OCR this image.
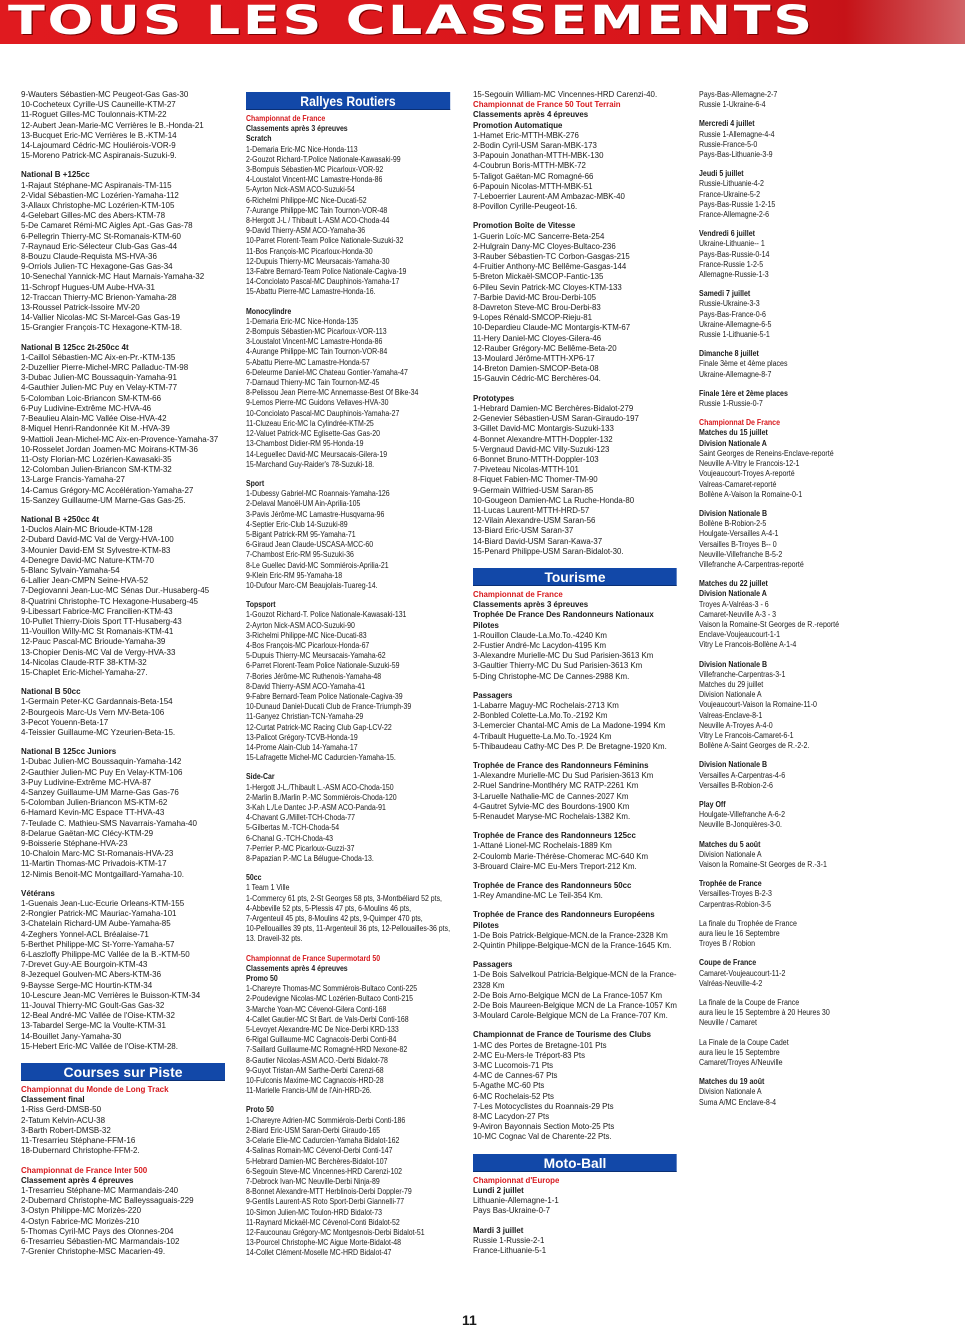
TOUS LES CLASSEMENTS
9-Wauters Sébastien-MC Peugeot-Gas Gas-30
10-Cocheteux Cyrille-US Cauneille-KTM-27
11-Roguet Gilles-MC Toulonnais-KTM-22
12-Aubert Jean-Marie-MC Verrières le B.-Honda-21
13-Bucquet Eric-MC Verrières le B.-KTM-14
14-Lajoumard Cédric-MC Houliérois-VOR-9
15-Moreno Patrick-MC Aspiranais-Suzuki-9.
National B +125cc
1-Rajaut Stéphane-MC Aspiranais-TM-115
2-Vidal Sébastien-MC Lozérien-Yamaha-112
3-Allaux Christophe-MC Lozérien-KTM-105
4-Gelebart Gilles-MC des Abers-KTM-78
5-De Camaret Rémi-MC Aigles Apt.-Gas Gas-78
6-Pellegrin Thierry-MC St-Romanais-KTM-60
7-Raynaud Eric-Sélecteur Club-Gas Gas-44
8-Bouzu Claude-Requista MS-HVA-36
9-Orriols Julien-TC Hexagone-Gas Gas-34
10-Senechal Yannick-MC Haut Marnais-Yamaha-32
11-Schropf Hugues-UM Aube-HVA-31
12-Traccan Thierry-MC Brienon-Yamaha-28
13-Roussel Patrick-Issoire MV-20
14-Vallier Nicolas-MC St-Marcel-Gas Gas-19
15-Grangier François-TC Hexagone-KTM-18.
National B 125cc 2t-250cc 4t
1-Caillol Sébastien-MC Aix-en-Pr.-KTM-135
2-Duzellier Pierre-Michel-MRC Palladuc-TM-98
3-Dubac Julien-MC Boussaquin-Yamaha-91
4-Gauthier Julien-MC Puy en Velay-KTM-77
5-Colomban Loic-Briancon SM-KTM-66
6-Puy Ludivine-Extrême MC-HVA-46
7-Beaulieu Alain-MC Vallée Oise-HVA-42
8-Miquel Henri-Randonnée Kit M.-HVA-39
9-Mattioli Jean-Michel-MC Aix-en-Provence-Yamaha-37
10-Rosselet Jordan Joamen-MC Moirans-KTM-36
11-Osty Florian-MC Lozérien-Kawasaki-35
12-Colomban Julien-Briancon SM-KTM-32
13-Large Francis-Yamaha-27
14-Camus Grégory-MC Accélération-Yamaha-27
15-Sanzey Guillaume-UM Marne-Gas Gas-25.
National B +250cc 4t
1-Duclos Alain-MC Brioude-KTM-128
2-Dubard David-MC Val de Vergy-HVA-100
3-Mounier David-EM St Sylvestre-KTM-83
4-Denegre David-MC Nature-KTM-70
5-Blanc Sylvain-Yamaha-54
6-Lallier Jean-CMPN Seine-HVA-52
7-Degiovanni Jean-Luc-MC Sénas Dur.-Husaberg-45
8-Quatrini Christophe-TC Hexagone-Husaberg-45
9-Libessart Fabrice-MC Francilien-KTM-43
10-Pullet Thierry-Diois Sport TT-Husaberg-43
11-Vouillon Willy-MC St Romanais-KTM-41
12-Pauc Pascal-MC Brioude-Yamaha-39
13-Chopier Denis-MC Val de Vergy-HVA-33
14-Nicolas Claude-RTF 38-KTM-32
15-Chaplet Eric-Michel-Yamaha-27.
National B 50cc
1-Germain Peter-KC Gardannais-Beta-154
2-Bourgeois Marc-Us Vern MV-Beta-106
3-Pecot Youenn-Beta-17
4-Teissier Guillaume-MC Yzeurien-Beta-15.
National B 125cc Juniors
1-Dubac Julien-MC Boussaquin-Yamaha-142
2-Gauthier Julien-MC Puy En Velay-KTM-106
3-Puy Ludivine-Extrême MC-HVA-87
4-Sanzey Guillaume-UM Marne-Gas Gas-76
5-Colomban Julien-Briancon MS-KTM-62
6-Hamard Kevin-MC Espace TT-HVA-43
7-Teulade C. Mathieu-SMS Navarrais-Yamaha-40
8-Delarue Gaëtan-MC Clécy-KTM-29
9-Boisserie Stéphane-HVA-23
10-Chaloin Marc-MC St-Romanais-HVA-23
11-Martin Thomas-MC Privadois-KTM-17
12-Nimis Benoit-MC Montgaillard-Yamaha-10.
Vétérans
1-Guenais Jean-Luc-Ecurie Orleans-KTM-155
2-Rongier Patrick-MC Mauriac-Yamaha-101
3-Chatelain Richard-UM Aube-Yamaha-85
4-Zeghers Yonnel-ACL Bréalaise-71
5-Berthet Philippe-MC St-Yorre-Yamaha-57
6-Laszloffy Philippe-MC Vallée de la B.-KTM-50
7-Drevet Guy-AE Bourgoin-KTM-43
8-Jezequel Goulven-MC Abers-KTM-36
9-Baysse Serge-MC Hourtin-KTM-34
10-Lescure Jean-MC Verrières le Buisson-KTM-34
11-Jouval Thierry-MC Goult-Gas Gas-32
12-Beal André-MC Vallée de l'Oise-KTM-32
13-Tabardel Serge-MC la Voulte-KTM-31
14-Bouillet Jany-Yamaha-30
15-Hebert Eric-MC Vallée de l'Oise-KTM-28.
Courses sur Piste
Championnat du Monde de Long Track
Classement final
1-Riss Gerd-DMSB-50
2-Tatum Kelvin-ACU-38
3-Barth Robert-DMSB-32
11-Tresarrieu Stéphane-FFM-16
18-Dubernard Christophe-FFM-2.
Championnat de France Inter 500
Classement après 4 épreuves
1-Tresarrieu Stéphane-MC Marmandais-240
2-Dubernard Christophe-MC Balleyssaguais-229
3-Ostyn Philippe-MC Morizès-220
4-Ostyn Fabrice-MC Morizès-210
5-Thomas Cyril-MC Pays des Olonnes-204
6-Tresarrieu Sébastien-MC Marmandais-102
7-Grenier Christophe-MSC Macarien-49.
Rallyes Routiers
Championnat de France
Classements après 3 épreuves
Scratch
1-Demaria Eric-MC Nice-Honda-113
2-Gouzot Richard-T.Police Nationale-Kawasaki-99
3-Bompuis Sébastien-MC Picarloux-VOR-92
4-Loustalot Vincent-MC Lamastre-Honda-86
5-Ayrton Nick-ASM ACO-Suzuki-54
6-Richelmi Philippe-MC Nice-Ducati-52
7-Aurange Philippe-MC Tain Tournon-VOR-48
8-Hergott J-L / Thibault L-ASM ACO-Choda-44
9-David Thierry-ASM ACO-Yamaha-36
10-Parret Florent-Team Police Nationale-Suzuki-32
11-Bos François-MC Picarloux-Honda-30
12-Dupuis Thierry-MC Meursacais-Yamaha-30
13-Fabre Bernard-Team Police Nationale-Cagiva-19
14-Conciolato Pascal-MC Dauphinois-Yamaha-17
15-Abattu Pierre-MC Lamastre-Honda-16.
Monocylindre
1-Demaria Eric-MC Nice-Honda-135
2-Bompuis Sébastien-MC Picarloux-VOR-113
3-Loustalot Vincent-MC Lamastre-Honda-86
4-Aurange Philippe-MC Tain Tournon-VOR-84
5-Abattu Pierre-MC Lamastre-Honda-57
6-Deleurme Daniel-MC Chateau Gontier-Yamaha-47
7-Darnaud Thierry-MC Tain Tournon-MZ-45
8-Pelissou Jean Pierre-MC Annemasse-Best Of Bike-34
9-Lemos Pierre-MC Guidons Vellaves-HVA-30
10-Conciolato Pascal-MC Dauphinois-Yamaha-27
11-Cluzeau Eric-MC la Cylindrée-KTM-25
12-Valuet Patrick-MC Eglisette-Gas Gas-20
13-Chambost Didier-RM 95-Honda-19
14-Leguellec David-MC Meursacais-Gilera-19
15-Marchand Guy-Raider's 78-Suzuki-18.
Sport
1-Dubessy Gabriel-MC Roannais-Yamaha-126
2-Delaval Manoël-UM Ain-Aprilia-105
3-Pavis Jérôme-MC Lamastre-Husqvarna-96
4-Septier Eric-Club 14-Suzuki-89
5-Bigant Patrick-RM 95-Yamaha-71
6-Giraud Jean Claude-USCASA-MCC-60
7-Chambost Eric-RM 95-Suzuki-36
8-Le Guellec David-MC Sommiérois-Aprilia-21
9-Klein Eric-RM 95-Yamaha-18
10-Dufour Marc-CM Beaujolais-Tuareg-14.
Topsport
1-Gouzot Richard-T. Police Nationale-Kawasaki-131
2-Ayrton Nick-ASM ACO-Suzuki-90
3-Richelmi Philippe-MC Nice-Ducati-83
4-Bos François-MC Picarloux-Honda-67
5-Dupuis Thierry-MC Meursacais-Yamaha-62
6-Parret Florent-Team Police Nationale-Suzuki-59
7-Bories Jérôme-MC Ruthenois-Yamaha-48
8-David Thierry-ASM ACO-Yamaha-41
9-Fabre Bernard-Team Police Nationale-Cagiva-39
10-Dunaud Daniel-Ducati Club de France-Triumph-39
11-Ganyez Christian-TCN-Yamaha-29
12-Curtat Patrick-MC Racing Club Gap-LCV-22
13-Palicot Grégory-TCVB-Honda-19
14-Prome Alain-Club 14-Yamaha-17
15-Lafragette Michel-MC Cadurcien-Yamaha-15.
Side-Car
1-Hergott J-L./Thibault L.-ASM ACO-Choda-150
2-Marlin B./Marlin P.-MC Sommiérois-Choda-120
3-Kah L./Le Dantec J-P.-ASM ACO-Panda-91
4-Chavant G./Millet-TCH-Choda-77
5-Gilbertas M.-TCH-Choda-54
6-Chanal G.-TCH-Choda-43
7-Perrier P.-MC Picarloux-Guzzi-37
8-Papazian P.-MC La Bélugue-Choda-13.
50cc
1 Team 1 Ville
1-Commercy 61 pts, 2-St Georges 58 pts, 3-Montbéliard 52 pts,
4-Abbeville 52 pts, 5-Plessis 47 pts, 6-Moulins 46 pts,
7-Argenteuil 45 pts, 8-Moulins 42 pts, 9-Quimper 470 pts,
10-Pellouailles 39 pts, 11-Argenteuil 36 pts, 12-Pellouailles-36 pts,
13. Draveil-32 pts.
Championnat de France Supermotard 50
Classements après 4 épreuves
Promo 50
1-Chareyre Thomas-MC Sommiérois-Bultaco Conti-225
2-Poudevigne Nicolas-MC Lozérien-Bultaco Conti-215
3-Marche Yoan-MC Cévenol-Gilera Conti-168
4-Callet Gautier-MC St Bart. de Vals-Derbi Conti-168
5-Levoyet Alexandre-MC De Nice-Derbi KRD-133
6-Rigal Guillaume-MC Cagnacois-Derbi Conti-84
7-Saillard Guillaume-MC Romagné-HRD Nexone-82
8-Gautier Nicolas-ASM ACO.-Derbi Bidalot-78
9-Guyot Tristan-AM Sarthe-Derbi Carenzi-68
10-Fulconis Maxime-MC Cagnacois-HRD-28
11-Marielle Francis-UM de l'Ain-HRD-26.
Proto 50
1-Chareyre Adrien-MC Sommiérois-Derbi Conti-186
2-Biard Eric-USM Saran-Derbi Giraudo-165
3-Celarie Elie-MC Cadurcien-Yamaha Bidalot-162
4-Salinas Romain-MC Cévenol-Derbi Conti-147
5-Hebrard Damien-MC Berchères-Bidalot-107
6-Segouin Steve-MC Vincennes-HRD Carenzi-102
7-Debrock Ivan-MC Neuville-Derbi Ninja-89
8-Bonnet Alexandre-MTT Herblinois-Derbi Doppler-79
9-Gentils Laurent-AS Roto Sport-Derbi Giannelli-77
10-Simon Julien-MC Toulon-HRD Bidalot-73
11-Raynard Mickaël-MC Cévenol-Conti Bidalot-52
12-Faucounau Grégory-MC Montgesnois-Derbi Bidalot-51
13-Pourcel Christophe-MC Aigue Morte-Bidalot-48
14-Collet Clément-Moselle MC-HRD Bidalot-47
15-Segouin William-MC Vincennes-HRD Carenzi-40.
Championnat de France 50 Tout Terrain
Classements après 4 épreuves
Promotion Automatique
1-Hamet Eric-MTTH-MBK-276
2-Bodin Cyril-USM Saran-MBK-173
3-Papouin Jonathan-MTTH-MBK-130
4-Coubrun Boris-MTTH-MBK-72
5-Taligot Gaëtan-MC Romagné-66
6-Papouin Nicolas-MTTH-MBK-51
7-Leboerrier Laurent-AM Ambazac-MBK-40
8-Povillon Cyrille-Peugeot-16.
Promotion Boîte de Vitesse
1-Guerin Loïc-MC Sancerre-Beta-254
2-Hulgrain Dany-MC Cloyes-Bultaco-236
3-Rauber Sébastien-TC Corbon-Gasgas-215
4-Fruitier Anthony-MC Bellême-Gasgas-144
5-Breton Mickaël-SMCOP-Fantic-135
6-Pileu Sevin Patrick-MC Cloyes-KTM-133
7-Barbie David-MC Brou-Derbi-105
8-Davreton Steve-MC Brou-Derbi-83
9-Lopes Rénald-SMCOP-Rieju-81
10-Depardieu Claude-MC Montargis-KTM-67
11-Hery Daniel-MC Cloyes-Gilera-46
12-Rauber Grégory-MC Bellême-Beta-20
13-Moulard Jérôme-MTTH-XP6-17
14-Breton Damien-SMCOP-Beta-08
15-Gauvin Cédric-MC Berchères-04.
Prototypes
1-Hebrard Damien-MC Berchères-Bidalot-279
2-Genevier Sébastien-USM Saran-Giraudo-197
3-Gillet David-MC Montargis-Suzuki-133
4-Bonnet Alexandre-MTTH-Doppler-132
5-Vergnaud David-MC Villy-Suzuki-123
6-Bonnet Bruno-MTTH-Doppler-103
7-Piveteau Nicolas-MTTH-101
8-Fiquet Fabien-MC Thomer-TM-90
9-Germain Wilfried-USM Saran-85
10-Gougeon Damien-MC La Ruche-Honda-80
11-Lucas Laurent-MTTH-HRD-57
12-Vilain Alexandre-USM Saran-56
13-Biard Eric-USM Saran-37
14-Biard David-USM Saran-Kawa-37
15-Penard Philippe-USM Saran-Bidalot-30.
Tourisme
Championnat de France
Classements après 3 épreuves
Trophée De France Des Randonneurs Nationaux
Pilotes
1-Rouillon Claude-La.Mo.To.-4240 Km
2-Fustier André-Mc Lacydon-4195 Km
3-Alexandre Murielle-MC Du Sud Parisien-3613 Km
3-Gaultier Thierry-MC Du Sud Parisien-3613 Km
5-Ding Christophe-MC De Cannes-2988 Km.
Passagers
1-Labarre Maguy-MC Rochelais-2713 Km
2-Bonbled Colette-La.Mo.To.-2192 Km
3-Lemercier Chantal-MC Amis de La Madone-1994 Km
4-Tribault Huguette-La.Mo.To.-1924 Km
5-Thibaudeau Cathy-MC Des P. De Bretagne-1920 Km.
Trophée de France des Randonneurs Féminins
1-Alexandre Murielle-MC Du Sud Parisien-3613 Km
2-Ruel Sandrine-Montlhéry MC RATP-2261 Km
3-Laruelle Nathalie-MC de Cannes-2027 Km
4-Gautret Sylvie-MC des Bourdons-1900 Km
5-Renaudet Maryse-MC Rochelais-1382 Km.
Trophée de France des Randonneurs 125cc
1-Attané Lionel-MC Rochelais-1889 Km
2-Coulomb Marie-Thérèse-Chomerac MC-640 Km
3-Brouard Claire-MC Eu-Mers Treport-212 Km.
Trophée de France des Randonneurs 50cc
1-Rey Amandine-MC Le Teil-354 Km.
Trophée de France des Randonneurs Européens
Pilotes
1-De Bois Patrick-Belgique-MCN.de la France-2328 Km
2-Quintin Philippe-Belgique-MCN de la France-1645 Km.
Passagers
1-De Bois Salvelkoul Patricia-Belgique-MCN de la France-
2328 Km
2-De Bois Arno-Belgique MCN de La France-1057 Km
2-De Bois Maureen-Belgique MCN de La France-1057 Km
3-Moulard Carole-Belgique MCN de La France-707 Km.
Championnat de France de Tourisme des Clubs
1-MC des Portes de Bretagne-101 Pts
2-MC Eu-Mers-le Tréport-83 Pts
3-MC Lucomois-71 Pts
4-MC de Cannes-67 Pts
5-Agathe MC-60 Pts
6-MC Rochelais-52 Pts
7-Les Motocyclistes du Roannais-29 Pts
8-MC Lacydon-27 Pts
9-Aviron Bayonnais Section Moto-25 Pts
10-MC Cognac Val de Charente-22 Pts.
Moto-Ball
Championnat d'Europe
Lundi 2 juillet
Lithuanie-Allemagne-1-1
Pays Bas-Ukraine-0-7
Mardi 3 juillet
Russie 1-Russie-2-1
France-Lithuanie-5-1
Pays-Bas-Allemagne-2-7
Russie 1-Ukraine-6-4
Mercredi 4 juillet
Russie 1-Allemagne-4-4
Russie-France-5-0
Pays-Bas-Lithuanie-3-9
Jeudi 5 juillet
Russie-Lithuanie-4-2
France-Ukraine-5-2
Pays-Bas-Russie 1-2-15
France-Allemagne-2-6
Vendredi 6 juillet
Ukraine-Lithuanie-- 1
Pays-Bas-Russie-0-14
France-Russie 1-2-5
Allemagne-Russie-1-3
Samedi 7 juillet
Russie-Ukraine-3-3
Pays-Bas-France-0-6
Ukraine-Allemagne-6-5
Russie 1-Lithuanie-5-1
Dimanche 8 juillet
Finale 3ème et 4ème places
Ukraine-Allemagne-8-7
Finale 1ère et 2ème places
Russie 1-Russie-0-7
Championnat De France
Matches du 15 juillet
Division Nationale A
Saint Georges de Reneins-Enclave-reporté
Neuville A-Vitry le Francois-12-1
Voujeaucourt-Troyes A-reporté
Valreas-Camaret-reporté
Bollène A-Vaison la Romaine-0-1
Division Nationale B
Bollène B-Robion-2-5
Houlgate-Versailles A-4-1
Versailles B-Troyes B-- 0
Neuville-Villefranche B-5-2
Villefranche A-Carpentras-reporté
Matches du 22 juillet
Division Nationale A
Troyes A-Valréas-3 - 6
Camaret-Neuville A-3 - 3
Vaison la Romaine-St Georges de R.-reporté
Enclave-Voujeaucourt-1-1
Vitry Le Francois-Bollène A-1-4
Division Nationale B
Villefranche-Carpentras-3-1
Matches du 29 juillet
Division Nationale A
Voujeaucourt-Vaison la Romaine-11-0
Valreas-Enclave-8-1
Neuville A-Troyes A-4-0
Vitry Le Francois-Camaret-6-1
Bollène A-Saint Georges de R.-2-2.
Division Nationale B
Versailles A-Carpentras-4-6
Versailles B-Robion-2-6
Play Off
Houlgate-Villefranche A-6-2
Neuville B-Jonquières-3-0.
Matches du 5 août
Division Nationale A
Vaison la Romaine-St Georges de R.-3-1
Trophée de France
Versailles-Troyes B-2-3
Carpentras-Robion-3-5
La finale du Trophée de France
aura lieu le 16 Septembre
Troyes B / Robion
Coupe de France
Camaret-Voujeaucourt-11-2
Valréas-Neuville-4-2
La finale de la Coupe de France
aura lieu le 15 Septembre à 20 Heures 30
Neuville / Camaret
La Finale de la Coupe Cadet
aura lieu le 15 Septembre
Camaret/Troyes A/Neuville
Matches du 19 août
Division Nationale A
Suma A/MC Enclave-8-4
11
